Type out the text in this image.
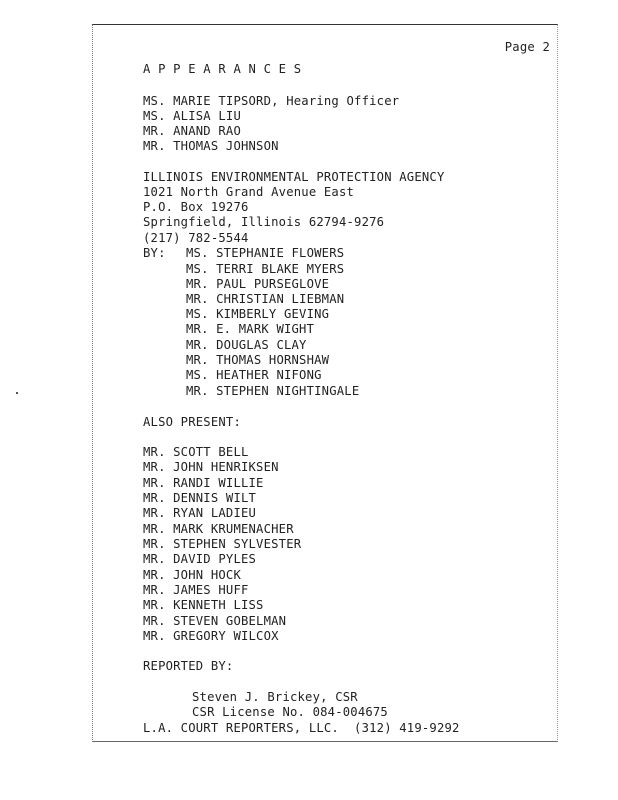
Page 2
A P P E A R A N C E S
MS. MARIE TIPSORD, Hearing Officer
MS. ALISA LIU
MR. ANAND RAO
MR. THOMAS JOHNSON
ILLINOIS ENVIRONMENTAL PROTECTION AGENCY
1021 North Grand Avenue East
P.O. Box 19276
Springfield, Illinois 62794-9276
(217) 782-5544
BY: MS. STEPHANIE FLOWERS
MS. TERRI BLAKE MYERS
MR. PAUL PURSEGLOVE
MR. CHRISTIAN LIEBMAN
MS. KIMBERLY GEVING
MR. E. MARK WIGHT
MR. DOUGLAS CLAY
MR. THOMAS HORNSHAW
MS. HEATHER NIFONG
MR. STEPHEN NIGHTINGALE
ALSO PRESENT:
MR. SCOTT BELL
MR. JOHN HENRIKSEN
MR. RANDI WILLIE
MR. DENNIS WILT
MR. RYAN LADIEU
MR. MARK KRUMENACHER
MR. STEPHEN SYLVESTER
MR. DAVID PYLES
MR. JOHN HOCK
MR. JAMES HUFF
MR. KENNETH LISS
MR. STEVEN GOBELMAN
MR. GREGORY WILCOX
REPORTED BY:
Steven J. Brickey, CSR
CSR License No. 084-004675
L.A. COURT REPORTERS, LLC.  (312) 419-9292
